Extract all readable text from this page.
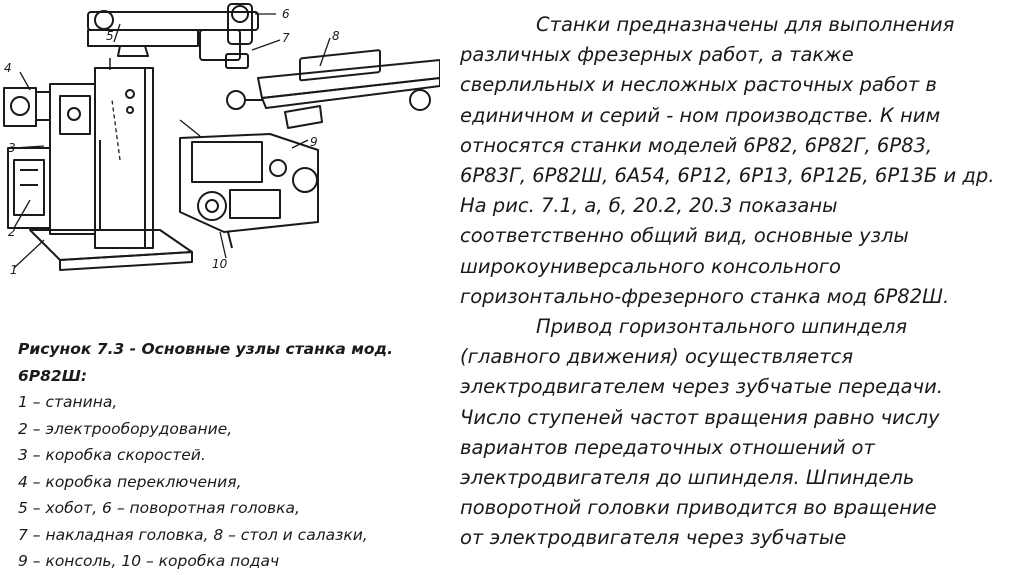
1
2
3
4
5
6
7	8
9
10
Рисунок 7.3 - Основные узлы станка мод.
6Р82Ш:
1 – станина,
2 – электрооборудование,
3 – коробка скоростей.
4 – коробка переключения,
5 – хобот, 6 – поворотная головка,
7 – накладная головка, 8 – стол и салазки,
9 – консоль, 10 – коробка подач
Станки предназначены для выполнения
различных фрезерных работ, а также
сверлильных и несложных расточных работ в
единичном и серий - ном производстве. К ним
относятся станки моделей 6Р82, 6Р82Г, 6Р83,
6Р83Г, 6Р82Ш, 6А54, 6Р12, 6Р13, 6Р12Б, 6Р13Б и др.
На рис. 7.1, а, б, 20.2, 20.3 показаны
соответственно общий вид, основные узлы
широкоуниверсального консольного
горизонтально-фрезерного станка мод 6Р82Ш.
Привод горизонтального шпинделя
(главного движения) осуществляется
электродвигателем через зубчатые передачи.
Число ступеней частот вращения равно числу
вариантов передаточных отношений от
электродвигателя до шпинделя. Шпиндель
поворотной головки приводится во вращение
от электродвигателя через зубчатые
